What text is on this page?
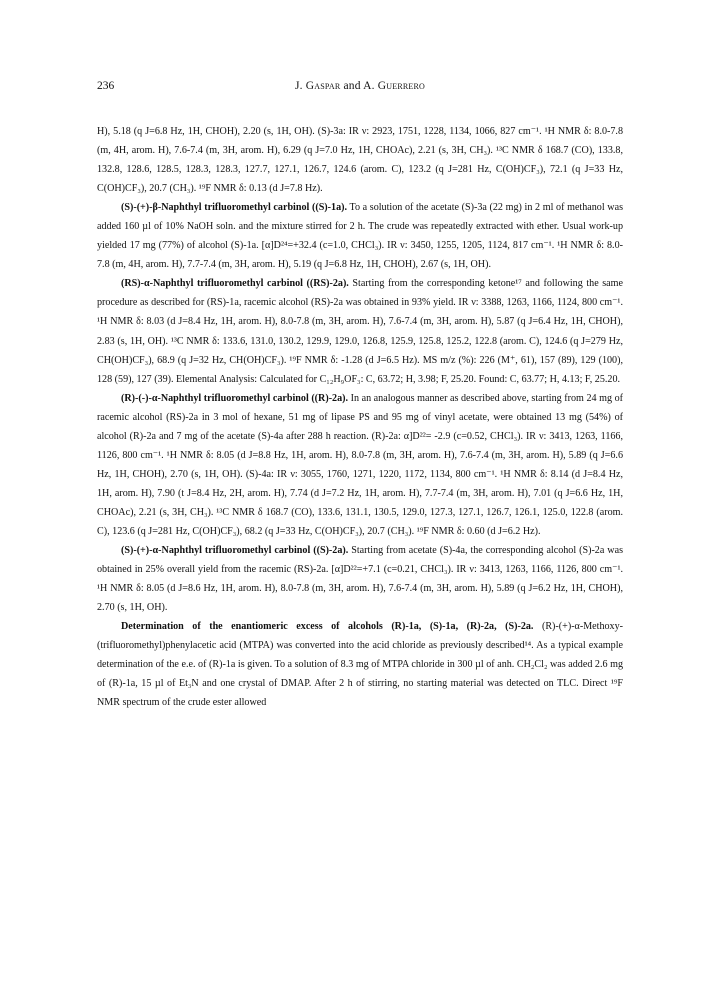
236	J. Gaspar and A. Guerrero

H), 5.18 (q J=6.8 Hz, 1H, CHOH), 2.20 (s, 1H, OH). (S)-3a: IR ν: 2923, 1751, 1228, 1134, 1066, 827 cm⁻¹. ¹H NMR δ: 8.0-7.8 (m, 4H, arom. H), 7.6-7.4 (m, 3H, arom. H), 6.29 (q J=7.0 Hz, 1H, CHOAc), 2.21 (s, 3H, CH₃). ¹³C NMR δ 168.7 (CO), 133.8, 132.8, 128.6, 128.5, 128.3, 128.3, 127.7, 127.1, 126.7, 124.6 (arom. C), 123.2 (q J=281 Hz, C(OH)CF₃), 72.1 (q J=33 Hz, C(OH)CF₃), 20.7 (CH₃). ¹⁹F NMR δ: 0.13 (d J=7.8 Hz).

(S)-(+)-β-Naphthyl trifluoromethyl carbinol ((S)-1a). To a solution of the acetate (S)-3a (22 mg) in 2 ml of methanol was added 160 µl of 10% NaOH soln. and the mixture stirred for 2 h. The crude was repeatedly extracted with ether. Usual work-up yielded 17 mg (77%) of alcohol (S)-1a. [α]D²⁴=+32.4 (c=1.0, CHCl₃). IR ν: 3450, 1255, 1205, 1124, 817 cm⁻¹. ¹H NMR δ: 8.0-7.8 (m, 4H, arom. H), 7.7-7.4 (m, 3H, arom. H), 5.19 (q J=6.8 Hz, 1H, CHOH), 2.67 (s, 1H, OH).

(RS)-α-Naphthyl trifluoromethyl carbinol ((RS)-2a). Starting from the corresponding ketone¹⁷ and following the same procedure as described for (RS)-1a, racemic alcohol (RS)-2a was obtained in 93% yield. IR ν: 3388, 1263, 1166, 1124, 800 cm⁻¹. ¹H NMR δ: 8.03 (d J=8.4 Hz, 1H, arom. H), 8.0-7.8 (m, 3H, arom. H), 7.6-7.4 (m, 3H, arom. H), 5.87 (q J=6.4 Hz, 1H, CHOH), 2.83 (s, 1H, OH). ¹³C NMR δ: 133.6, 131.0, 130.2, 129.9, 129.0, 126.8, 125.9, 125.8, 125.2, 122.8 (arom. C), 124.6 (q J=279 Hz, CH(OH)CF₃), 68.9 (q J=32 Hz, CH(OH)CF₃). ¹⁹F NMR δ: -1.28 (d J=6.5 Hz). MS m/z (%): 226 (M⁺, 61), 157 (89), 129 (100), 128 (59), 127 (39). Elemental Analysis: Calculated for C₁₂H₉OF₃: C, 63.72; H, 3.98; F, 25.20. Found: C, 63.77; H, 4.13; F, 25.20.

(R)-(-)-α-Naphthyl trifluoromethyl carbinol ((R)-2a). In an analogous manner as described above, starting from 24 mg of racemic alcohol (RS)-2a in 3 mol of hexane, 51 mg of lipase PS and 95 mg of vinyl acetate, were obtained 13 mg (54%) of alcohol (R)-2a and 7 mg of the acetate (S)-4a after 288 h reaction. (R)-2a: α]D²²= -2.9 (c=0.52, CHCl₃). IR ν: 3413, 1263, 1166, 1126, 800 cm⁻¹. ¹H NMR δ: 8.05 (d J=8.8 Hz, 1H, arom. H), 8.0-7.8 (m, 3H, arom. H), 7.6-7.4 (m, 3H, arom. H), 5.89 (q J=6.6 Hz, 1H, CHOH), 2.70 (s, 1H, OH). (S)-4a: IR ν: 3055, 1760, 1271, 1220, 1172, 1134, 800 cm⁻¹. ¹H NMR δ: 8.14 (d J=8.4 Hz, 1H, arom. H), 7.90 (t J=8.4 Hz, 2H, arom. H), 7.74 (d J=7.2 Hz, 1H, arom. H), 7.7-7.4 (m, 3H, arom. H), 7.01 (q J=6.6 Hz, 1H, CHOAc), 2.21 (s, 3H, CH₃). ¹³C NMR δ 168.7 (CO), 133.6, 131.1, 130.5, 129.0, 127.3, 127.1, 126.7, 126.1, 125.0, 122.8 (arom. C), 123.6 (q J=281 Hz, C(OH)CF₃), 68.2 (q J=33 Hz, C(OH)CF₃), 20.7 (CH₃). ¹⁹F NMR δ: 0.60 (d J=6.2 Hz).

(S)-(+)-α-Naphthyl trifluoromethyl carbinol ((S)-2a). Starting from acetate (S)-4a, the corresponding alcohol (S)-2a was obtained in 25% overall yield from the racemic (RS)-2a. [α]D²²=+7.1 (c=0.21, CHCl₃). IR ν: 3413, 1263, 1166, 1126, 800 cm⁻¹. ¹H NMR δ: 8.05 (d J=8.6 Hz, 1H, arom. H), 8.0-7.8 (m, 3H, arom. H), 7.6-7.4 (m, 3H, arom. H), 5.89 (q J=6.2 Hz, 1H, CHOH), 2.70 (s, 1H, OH).

Determination of the enantiomeric excess of alcohols (R)-1a, (S)-1a, (R)-2a, (S)-2a. (R)-(+)-α-Methoxy-(trifluoromethyl)phenylacetic acid (MTPA) was converted into the acid chloride as previously described¹⁴. As a typical example determination of the e.e. of (R)-1a is given. To a solution of 8.3 mg of MTPA chloride in 300 µl of anh. CH₂Cl₂ was added 2.6 mg of (R)-1a, 15 µl of Et₃N and one crystal of DMAP. After 2 h of stirring, no starting material was detected on TLC. Direct ¹⁹F NMR spectrum of the crude ester allowed
